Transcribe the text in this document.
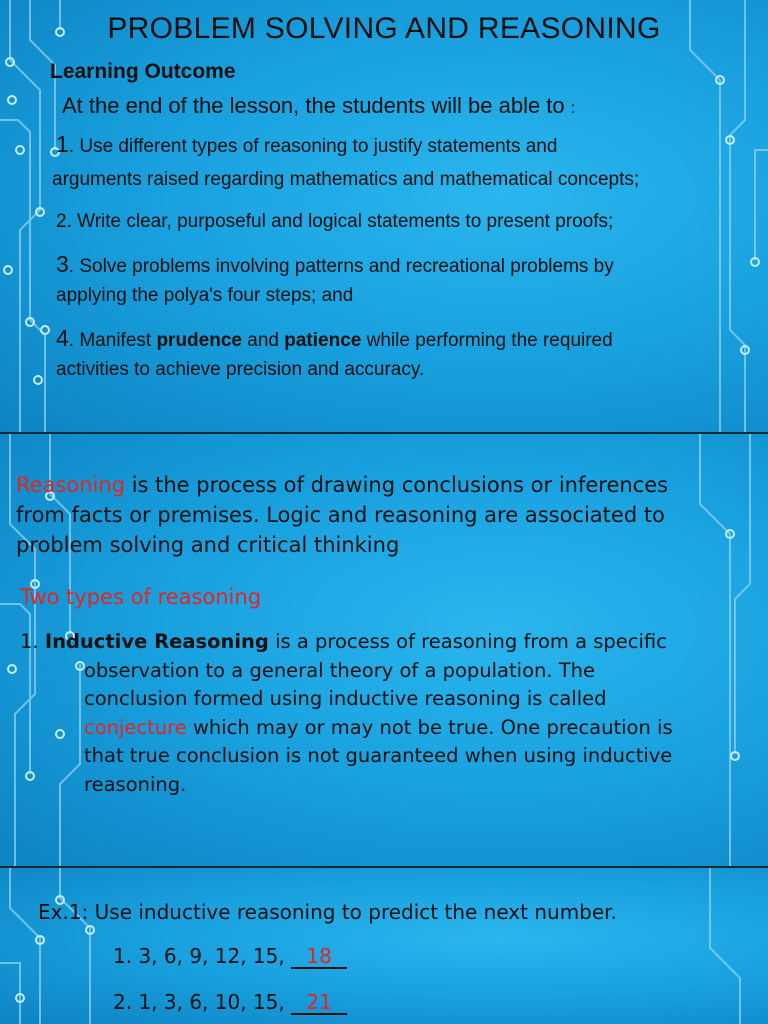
PROBLEM SOLVING AND REASONING
Learning Outcome
At the end of the lesson, the students will be able to :
1. Use different types of reasoning to justify statements and
arguments raised regarding mathematics and mathematical concepts;
2. Write clear, purposeful and logical statements to present proofs;
3. Solve problems involving patterns and recreational problems by
applying the polya's four steps; and
4. Manifest prudence and patience while performing the required
activities to achieve precision and accuracy.
Reasoning is the process of drawing conclusions or inferences
from facts or premises. Logic and reasoning are associated to
problem solving and critical thinking
Two types of reasoning
1. Inductive Reasoning is a process of reasoning from a specific
observation to a general theory of a population. The
conclusion formed using inductive reasoning is called
conjecture which may or may not be true. One precaution is
that true conclusion is not guaranteed when using inductive
reasoning.
Ex.1: Use inductive reasoning to predict the next number.
1. 3, 6, 9, 12, 15, 18
2. 1, 3, 6, 10, 15, 21
